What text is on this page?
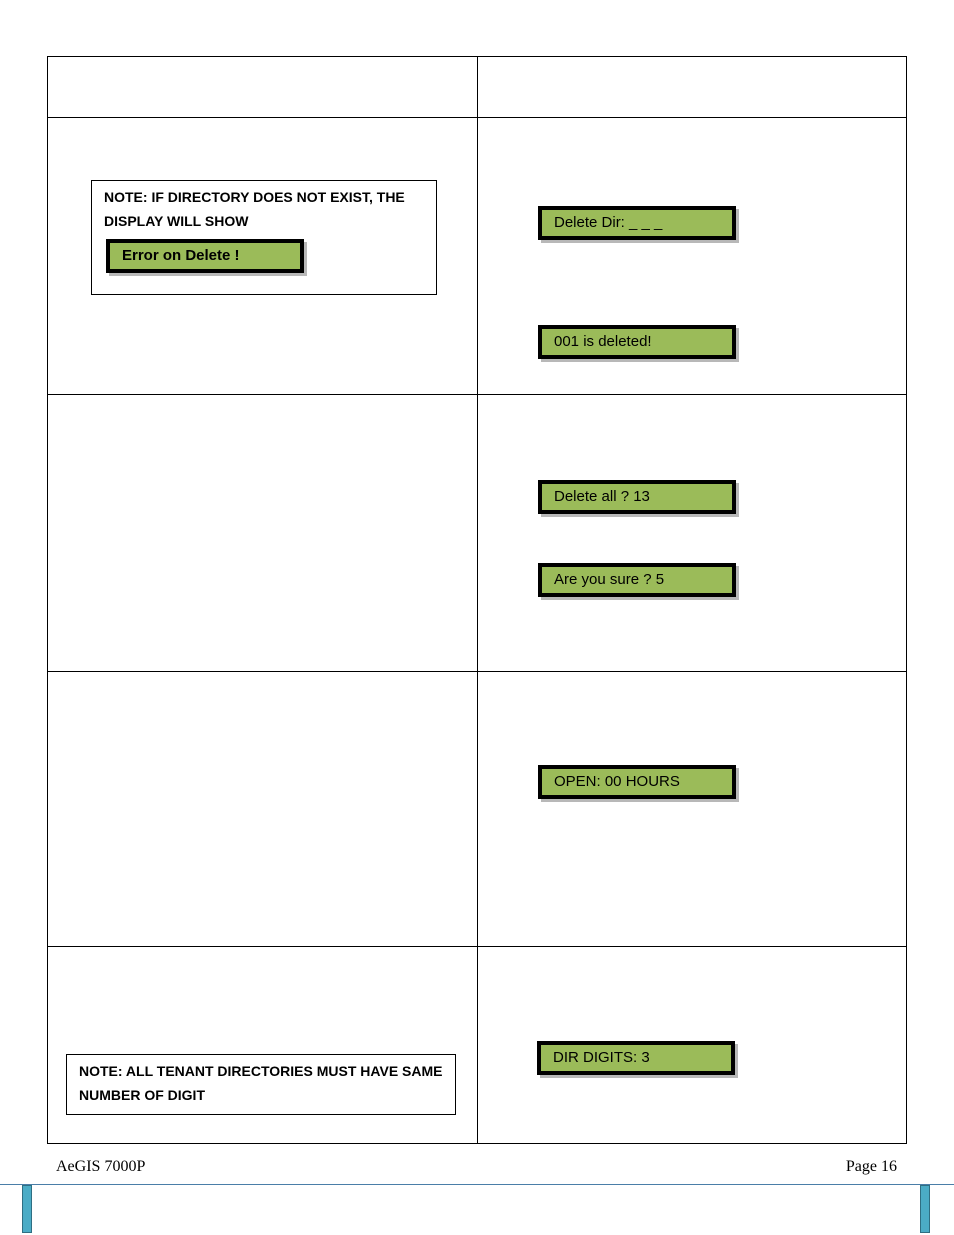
NOTE: IF DIRECTORY DOES NOT EXIST, THE DISPLAY WILL SHOW
Error on Delete !
Delete Dir: _ _ _
001 is deleted!
Delete all ? 13
Are you sure ? 5
OPEN: 00 HOURS
NOTE: ALL TENANT DIRECTORIES MUST HAVE SAME NUMBER OF DIGIT
DIR DIGITS: 3
AeGIS 7000P	Page 16
